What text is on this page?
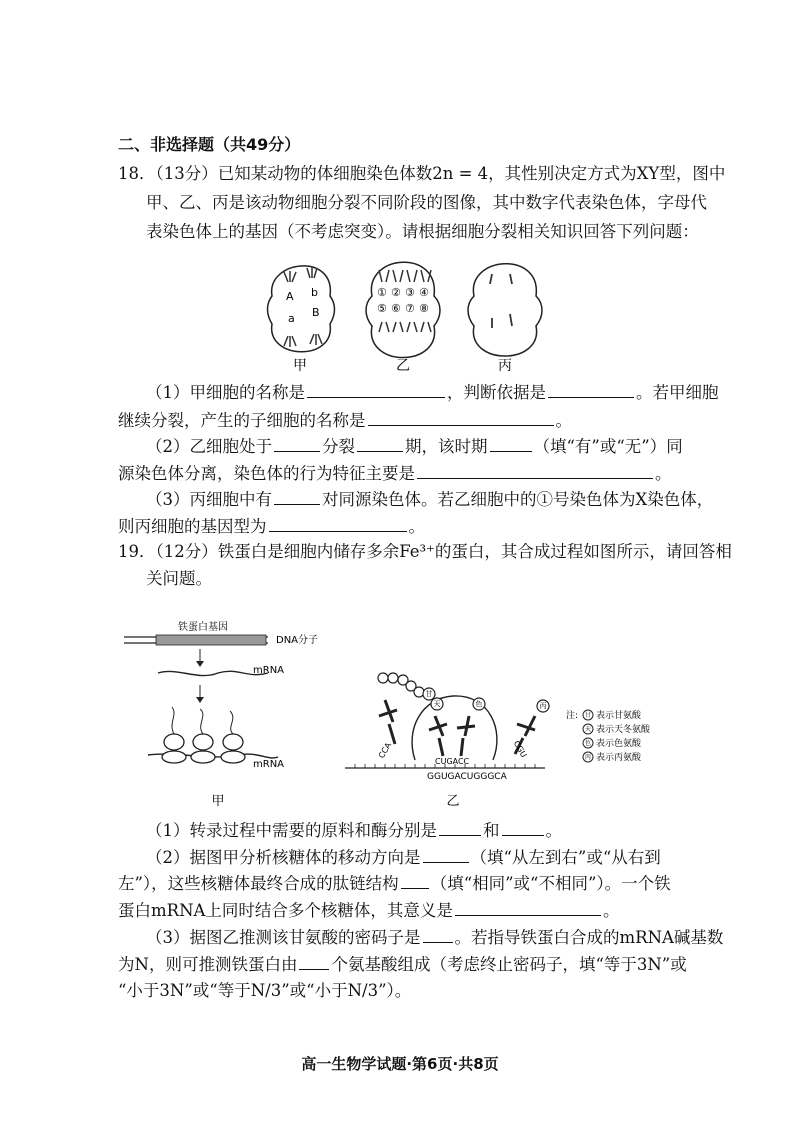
二、非选择题（共49分）
18．（13分）已知某动物的体细胞染色体数2n = 4，其性别决定方式为XY型，图中
甲、乙、丙是该动物细胞分裂不同阶段的图像，其中数字代表染色体，字母代
表染色体上的基因（不考虑突变）。请根据细胞分裂相关知识回答下列问题：
A b
a B
① ② ③ ④
⑤ ⑥ ⑦ ⑧
甲	乙	丙
（1）甲细胞的名称是	，判断依据是	。若甲细胞
继续分裂，产生的子细胞的名称是	。
（2）乙细胞处于	分裂	期，该时期	（填“有”或“无”）同
源染色体分离，染色体的行为特征主要是	。
（3）丙细胞中有	对同源染色体。若乙细胞中的①号染色体为X染色体，
则丙细胞的基因型为	。
19．（12分）铁蛋白是细胞内储存多余Fe³⁺的蛋白，其合成过程如图所示，请回答相
关问题。
铁蛋白基因
DNA分子
mRNA
mRNA
甲
甘
天	色	丙
CCA
CUGACC
CGU
GGUGACUGGGCA
乙
注: 甘
天
色
丙
表示甘氨酸
表示天冬氨酸
表示色氨酸
表示丙氨酸
（1）转录过程中需要的原料和酶分别是	和	。
（2）据图甲分析核糖体的移动方向是	（填“从左到右”或“从右到
左”），这些核糖体最终合成的肽链结构 （填“相同”或“不相同”）。一个铁
蛋白mRNA上同时结合多个核糖体，其意义是	。
（3）据图乙推测该甘氨酸的密码子是 。若指导铁蛋白合成的mRNA碱基数
为N，则可推测铁蛋白由 个氨基酸组成（考虑终止密码子，填“等于3N”或
“小于3N”或“等于N/3”或“小于N/3”）。
高一生物学试题·第6页·共8页
